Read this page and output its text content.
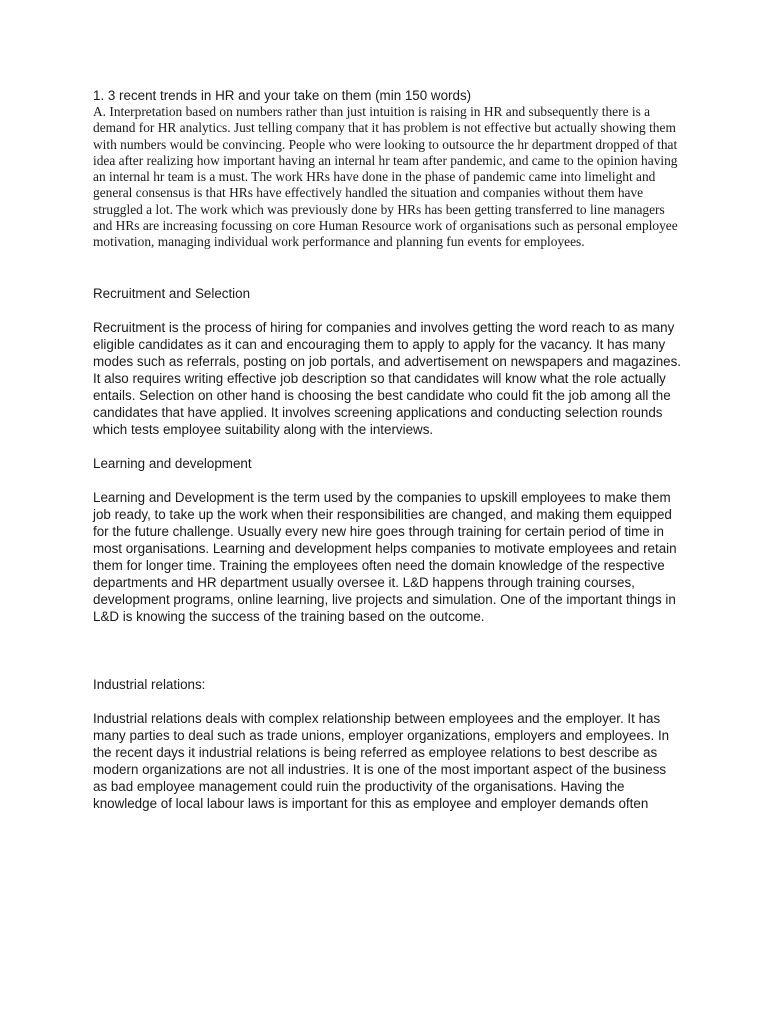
1. 3 recent trends in HR and your take on them (min 150 words)

A. Interpretation based on numbers rather than just intuition is raising in HR and subsequently there is a demand for HR analytics. Just telling company that it has problem is not effective but actually showing them with numbers would be convincing. People who were looking to outsource the hr department dropped of that idea after realizing how important having an internal hr team after pandemic, and came to the opinion having an internal hr team is a must. The work HRs have done in the phase of pandemic came into limelight and general consensus is that HRs have effectively handled the situation and companies without them have struggled a lot. The work which was previously done by HRs has been getting transferred to line managers and HRs are increasing focussing on core Human Resource work of organisations such as personal employee motivation, managing individual work performance and planning fun events for employees.

Recruitment and Selection

Recruitment is the process of hiring for companies and involves getting the word reach to as many eligible candidates as it can and encouraging them to apply to apply for the vacancy. It has many modes such as referrals, posting on job portals, and advertisement on newspapers and magazines. It also requires writing effective job description so that candidates will know what the role actually entails. Selection on other hand is choosing the best candidate who could fit the job among all the candidates that have applied. It involves screening applications and conducting selection rounds which tests employee suitability along with the interviews.

Learning and development

Learning and Development is the term used by the companies to upskill employees to make them job ready, to take up the work when their responsibilities are changed, and making them equipped for the future challenge. Usually every new hire goes through training for certain period of time in most organisations. Learning and development helps companies to motivate employees and retain them for longer time. Training the employees often need the domain knowledge of the respective departments and HR department usually oversee it. L&D happens through training courses, development programs, online learning, live projects and simulation. One of the important things in L&D is knowing the success of the training based on the outcome.

Industrial relations:

Industrial relations deals with complex relationship between employees and the employer. It has many parties to deal such as trade unions, employer organizations, employers and employees. In the recent days it industrial relations is being referred as employee relations to best describe as modern organizations are not all industries. It is one of the most important aspect of the business as bad employee management could ruin the productivity of the organisations. Having the knowledge of local labour laws is important for this as employee and employer demands often
